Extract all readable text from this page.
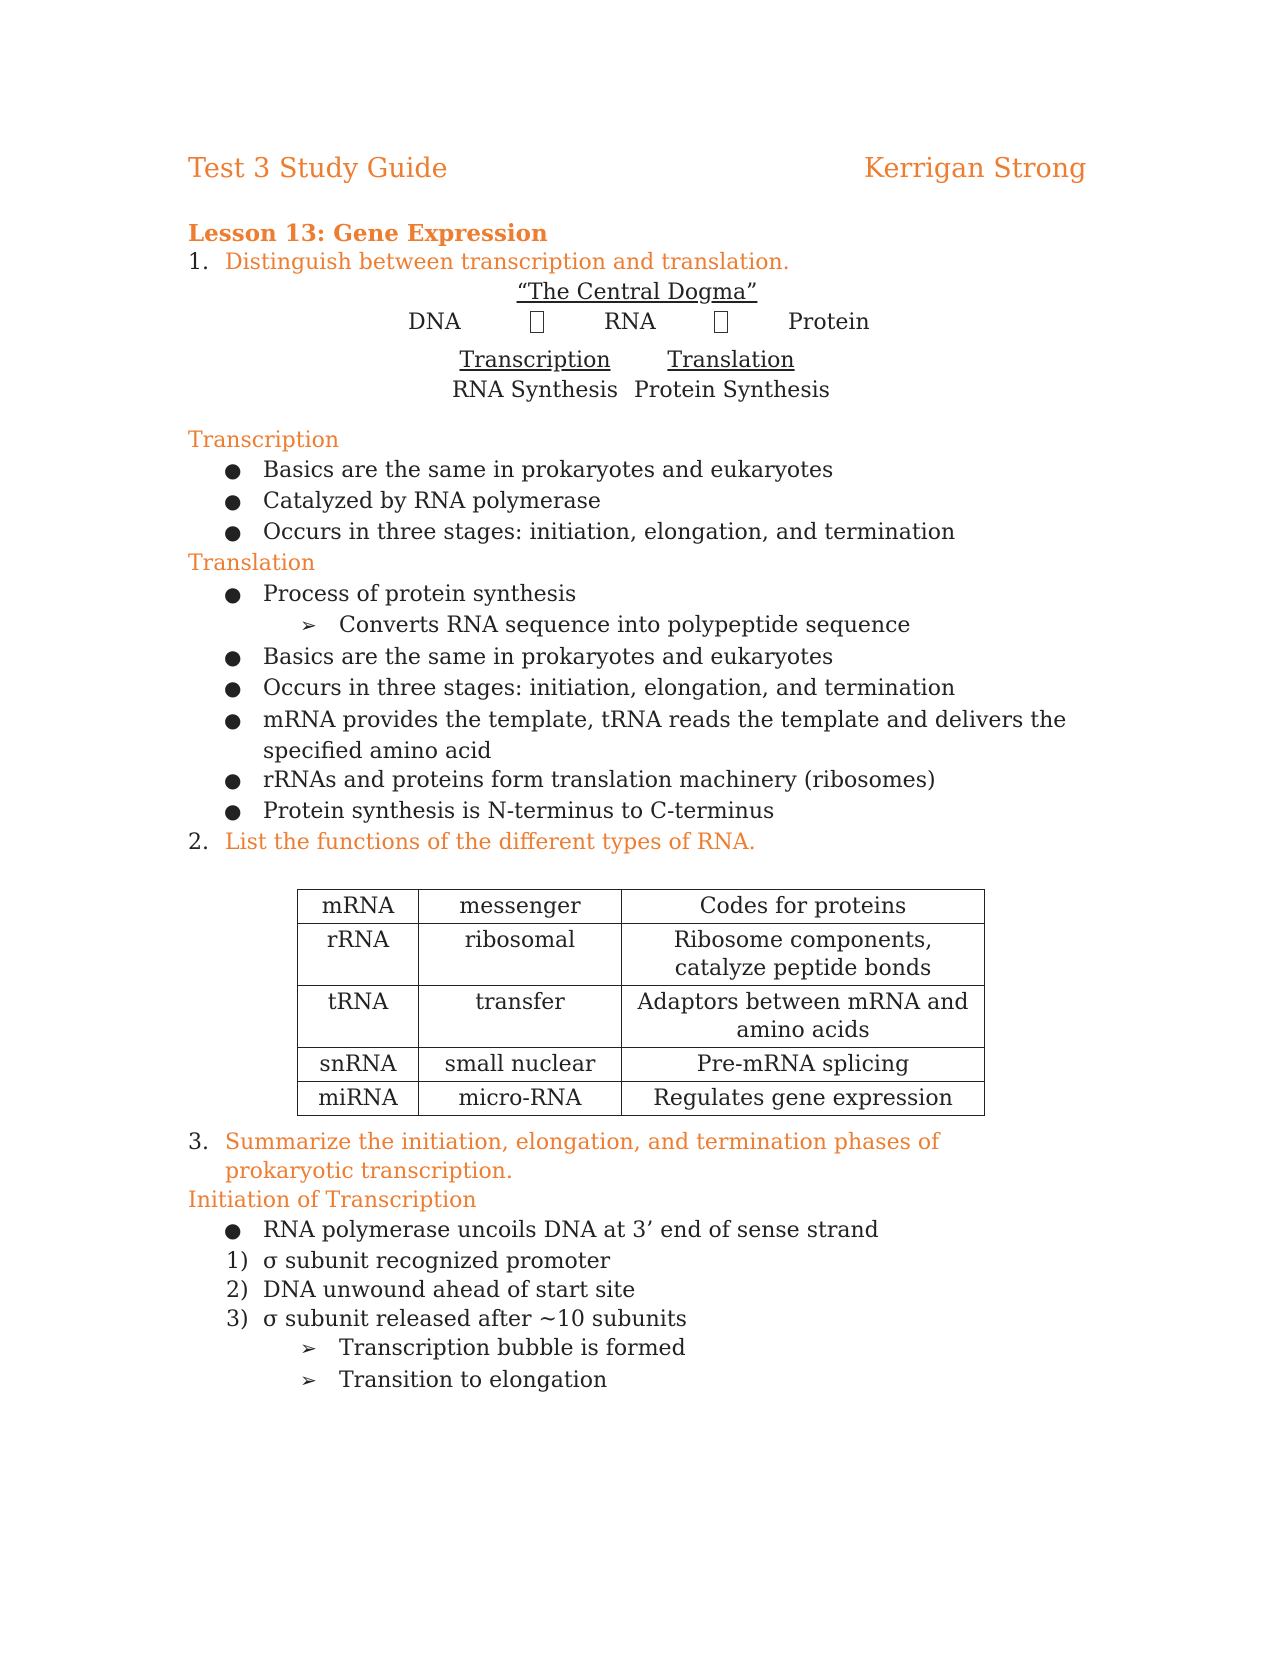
Test 3 Study Guide	Kerrigan Strong
Lesson 13: Gene Expression
1. Distinguish between transcription and translation.
“The Central Dogma”
DNA	RNA	Protein
Transcription
RNA Synthesis
Translation
Protein Synthesis
Transcription
● Basics are the same in prokaryotes and eukaryotes
● Catalyzed by RNA polymerase
● Occurs in three stages: initiation, elongation, and termination
Translation
● Process of protein synthesis
➢ Converts RNA sequence into polypeptide sequence
● Basics are the same in prokaryotes and eukaryotes
● Occurs in three stages: initiation, elongation, and termination
● mRNA provides the template, tRNA reads the template and delivers the
specified amino acid
● rRNAs and proteins form translation machinery (ribosomes)
● Protein synthesis is N-terminus to C-terminus
2. List the functions of the different types of RNA.
mRNA	messenger	Codes for proteins
rRNA	ribosomal	Ribosome components, catalyze peptide bonds
tRNA	transfer	Adaptors between mRNA and amino acids
snRNA	small nuclear	Pre-mRNA splicing
miRNA	micro-RNA	Regulates gene expression
3. Summarize the initiation, elongation, and termination phases of
prokaryotic transcription.
Initiation of Transcription
● RNA polymerase uncoils DNA at 3’ end of sense strand
1) σ subunit recognized promoter
2) DNA unwound ahead of start site
3) σ subunit released after ~10 subunits
➢ Transcription bubble is formed
➢ Transition to elongation
